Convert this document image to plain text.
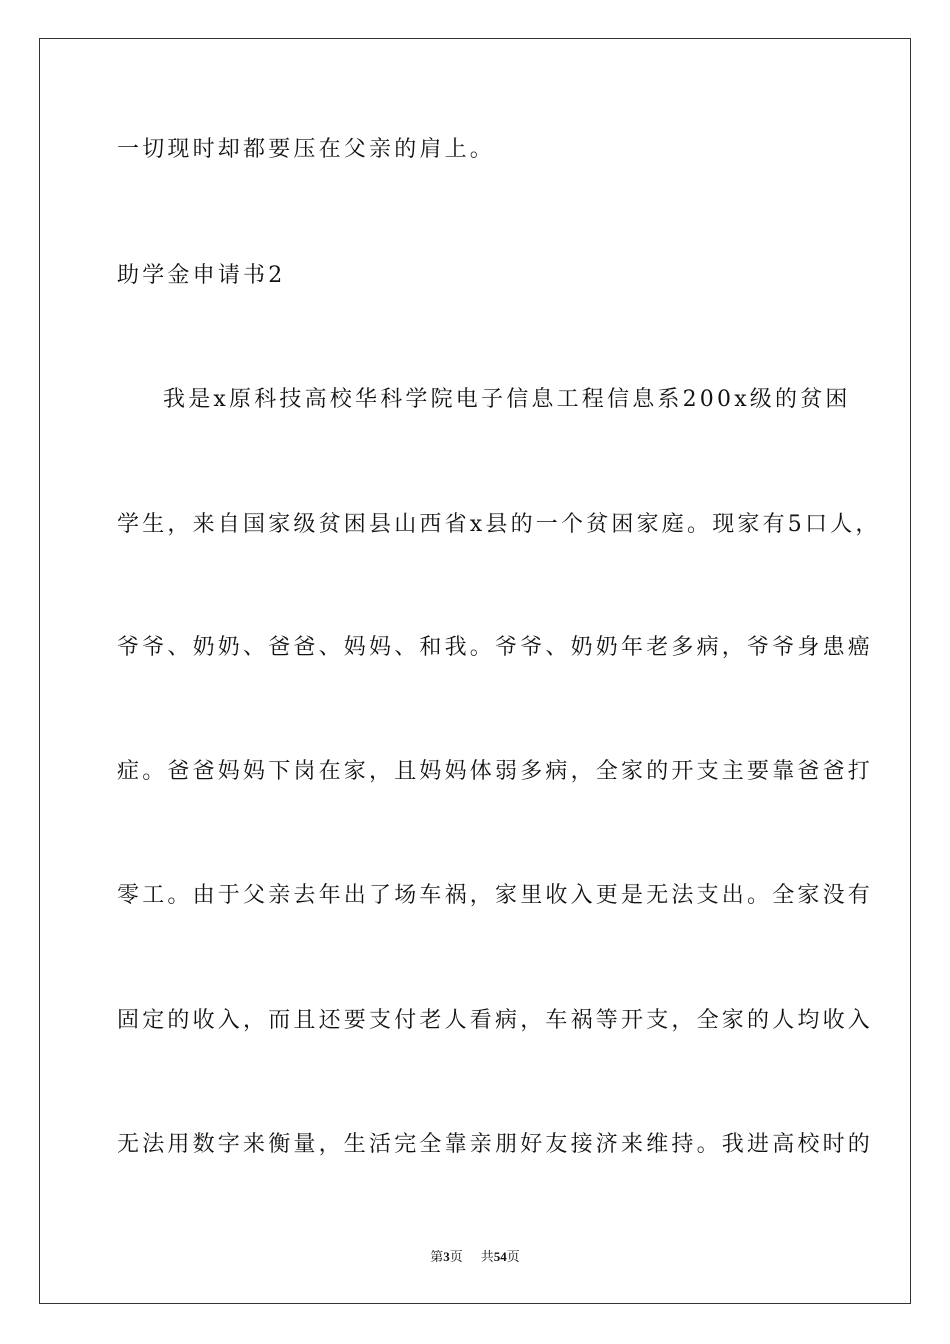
一切现时却都要压在父亲的肩上。
助学金申请书2
我是x原科技高校华科学院电子信息工程信息系200x级的贫困
学生，来自国家级贫困县山西省x县的一个贫困家庭。现家有5口人，
爷爷、奶奶、爸爸、妈妈、和我。爷爷、奶奶年老多病，爷爷身患癌
症。爸爸妈妈下岗在家，且妈妈体弱多病，全家的开支主要靠爸爸打
零工。由于父亲去年出了场车祸，家里收入更是无法支出。全家没有
固定的收入，而且还要支付老人看病，车祸等开支，全家的人均收入
无法用数字来衡量，生活完全靠亲朋好友接济来维持。我进高校时的
第3页 共54页
